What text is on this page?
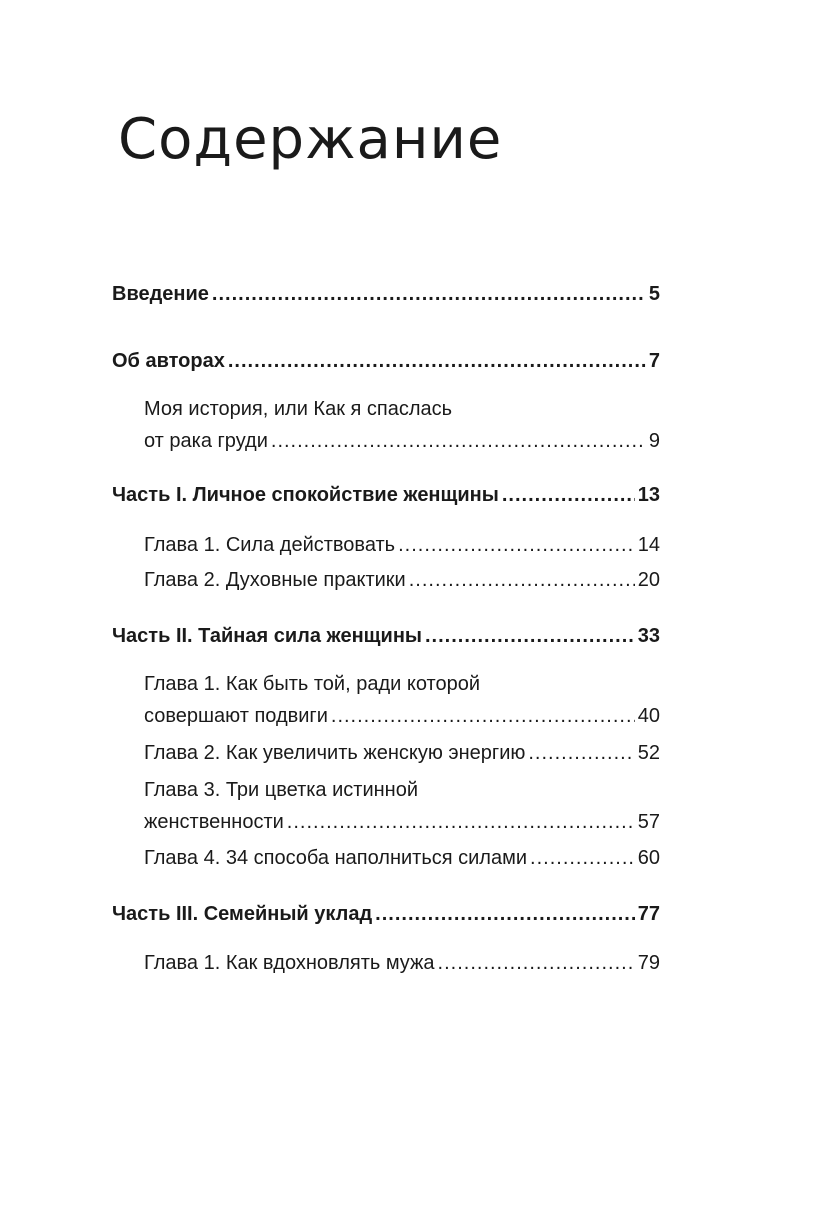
Содержание
Введение .....	5
Об авторах .....	7
Моя история, или Как я спаслась
от рака груди .....	9
Часть I. Личное спокойствие женщины .....	13
Глава 1. Сила действовать .....	14
Глава 2. Духовные практики .....	20
Часть II. Тайная сила женщины .....	33
Глава 1. Как быть той, ради которой
совершают подвиги .....	40
Глава 2. Как увеличить женскую энергию .....	52
Глава 3. Три цветка истинной
женственности .....	57
Глава 4. 34 способа наполниться силами .....	60
Часть III. Семейный уклад .....	77
Глава 1. Как вдохновлять мужа .....	79
